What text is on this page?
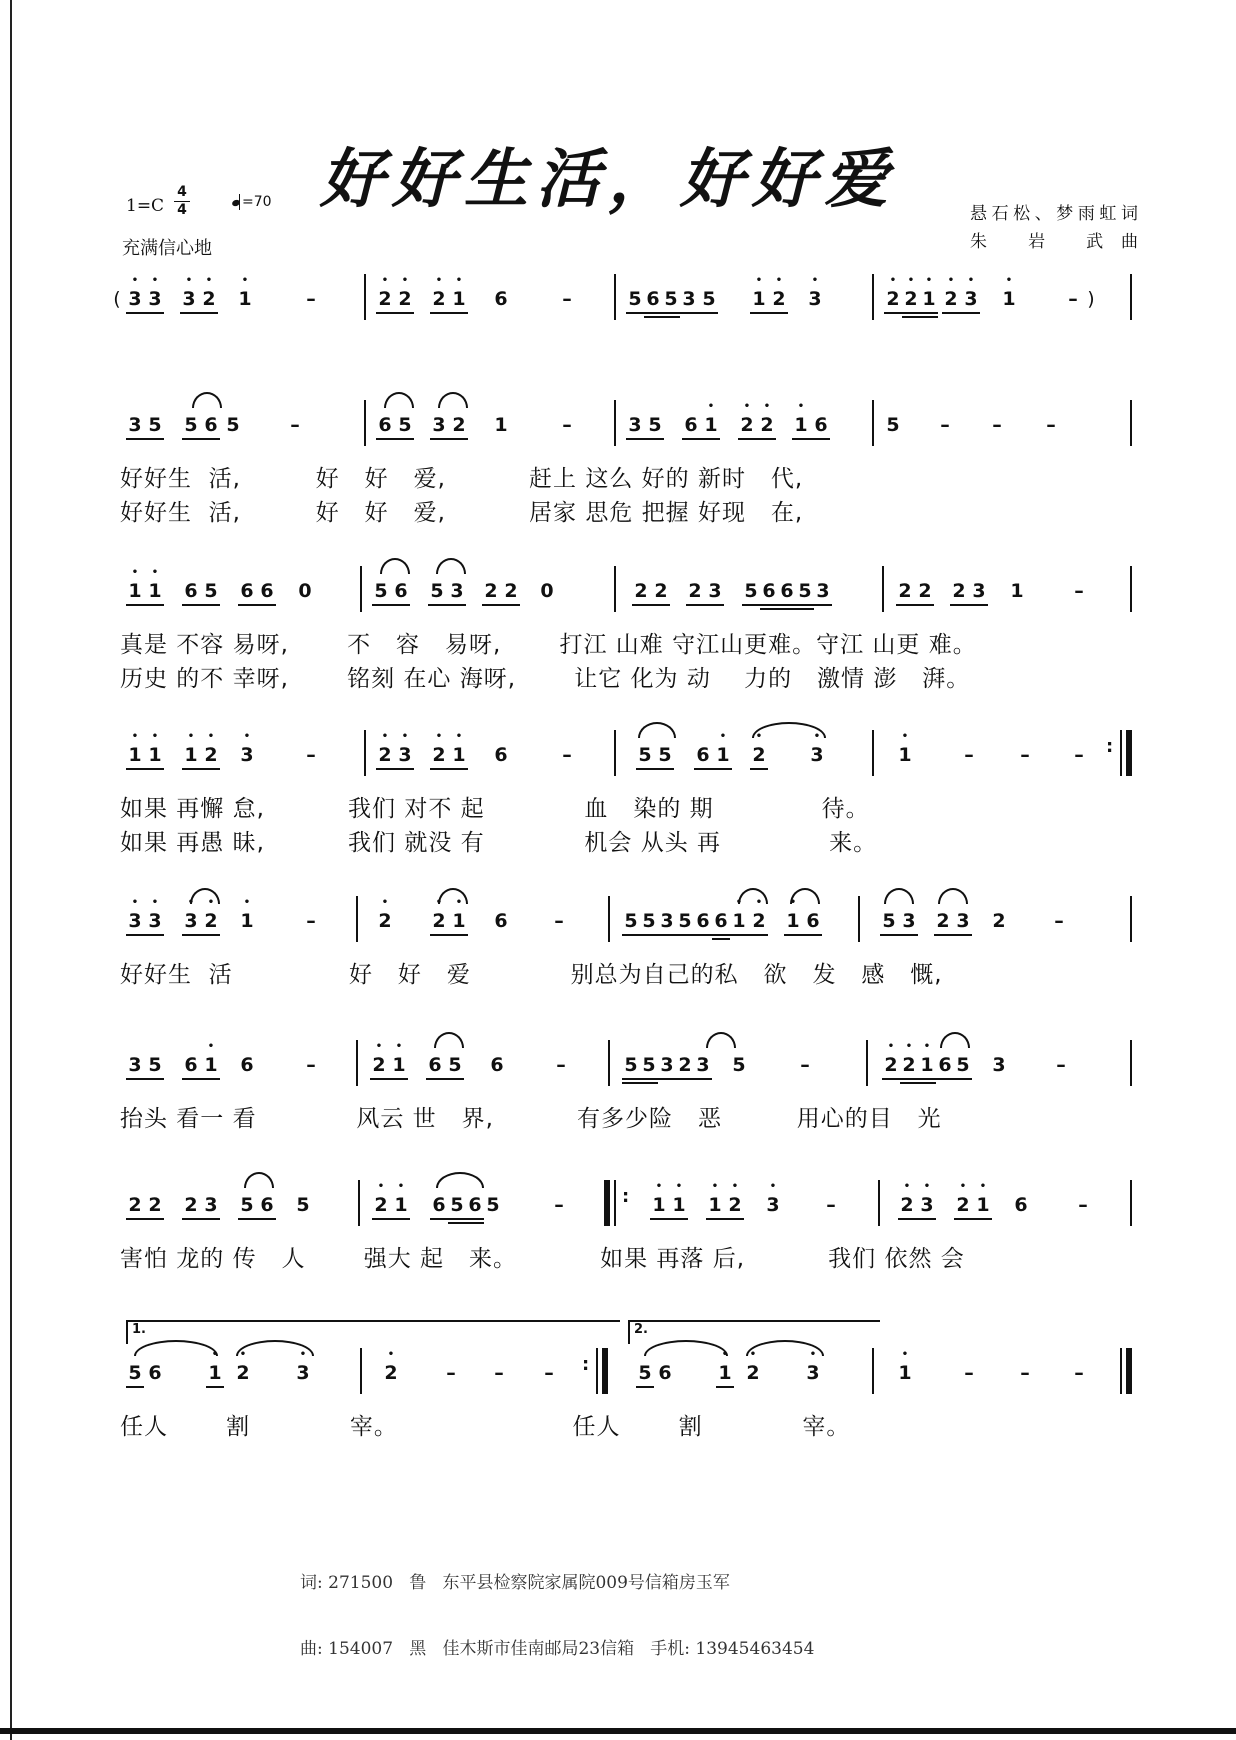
好好生活，好好爱
1=C
4
4	=70
充满信心地
悬石松、梦雨虹词
朱 岩 武曲
( • 3 • 3 • 3 • 2 • 1	–	• 2 • 2 • 2 • 1 6	–	5 6 5 3 5 • 1 • 2 • 3	• 2 • 2 • 1 • 2 • 3 • 1	– )
3 5 5 6 5	–	6 5 3 2 1	–	3 5 6 • 1 • 2 • 2 • 1 6	5 – – –
好好生  活,         好   好   爱,          赶上 这么 好的 新时   代,
好好生  活,         好   好   爱,          居家 思危 把握 好现   在,
• 1 • 1 6 5 6 6 0	5 6 5 3 2 2 0	2 2 2 3 5 6 6 5 3	2 2 2 3 1	–
真是 不容 易呀,       不   容   易呀,       打江 山难 守江山更难。守江 山更 难。
历史 的不 幸呀,       铭刻 在心 海呀,       让它 化为 动    力的   激情 澎   湃。
• 1 • 1 • 1 • 2 • 3	–	• 2 • 3 • 2 • 1 6	–	5 5 6 • 1 • 2 • 3	• 1	– – – :

如果 再懈 怠,          我们 对不 起            血   染的 期             待。
如果 再愚 昧,          我们 就没 有            机会 从头 再             来。
• 3 • 3 • 3 • 2 • 1	–	• 2 • 2 • 1 6 –	5 5 3 5 6 6 • 1 • 2 • 1 6	5 3 2 3 2	–
好好生  活              好   好   爱            别总为自己的私   欲   发   感   慨,
3 5 6 • 1 6	–	• 2 • 1 6 5 6	–	5 5 3 2 3 5	–	• 2 • 2 • 1 6 5 3	–
抬头 看一 看            风云 世   界,          有多少险   恶         用心的目   光
2 2 2 3 5 6 5	• 2 • 1 6 5 6 5	–	: • 1 • 1 • 1 • 2 • 3 –	• 2 • 3 • 2 • 1 6	–
害怕 龙的 传   人       强大 起   来。          如果 再落 后,          我们 依然 会
1.	2.
5 6 • 1 • 2 • 3	• 2	– – – :	5 6 • 1 • 2 • 3	• 1	– – –
任人       割            宰。                     任人       割            宰。

词: 271500   鲁   东平县检察院家属院009号信箱房玉军

曲: 154007   黑   佳木斯市佳南邮局23信箱   手机: 13945463454
